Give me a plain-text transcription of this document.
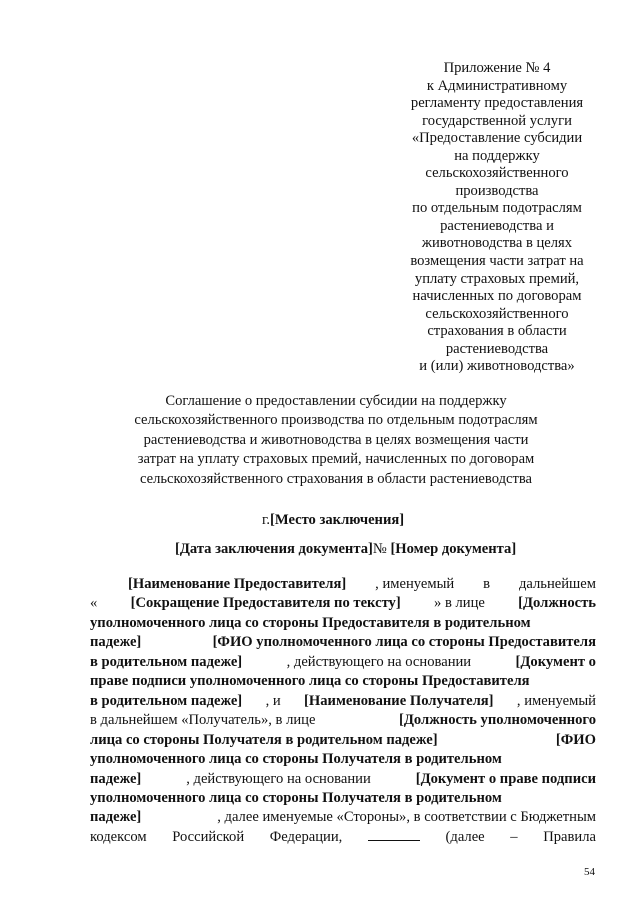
Приложение № 4
к Административному
регламенту предоставления
государственной услуги
«Предоставление субсидии
на поддержку
сельскохозяйственного
производства
по отдельным подотраслям
растениеводства и
животноводства в целях
возмещения части затрат на
уплату страховых премий,
начисленных по договорам
сельскохозяйственного
страхования в области
растениеводства
и (или) животноводства»
Соглашение о предоставлении субсидии на поддержку
сельскохозяйственного производства по отдельным подотраслям
растениеводства и животноводства в целях возмещения части
затрат на уплату страховых премий, начисленных по договорам
сельскохозяйственного страхования в области растениеводства
г.[Место заключения]
[Дата заключения документа]№ [Номер документа]
[Наименование Предоставителя] , именуемый в дальнейшем
« [Сокращение Предоставителя по тексту] » в лице [Должность
уполномоченного лица со стороны Предоставителя в родительном
падеже]	[ФИО уполномоченного лица со стороны Предоставителя
в родительном падеже]	, действующего на основании	[Документ о
праве подписи уполномоченного лица со стороны Предоставителя
в родительном падеже] , и [Наименование Получателя] , именуемый
в дальнейшем «Получатель», в лице	[Должность уполномоченного
лица со стороны Получателя в родительном падеже]	[ФИО
уполномоченного лица со стороны Получателя в родительном
падеже]	, действующего на основании	[Документ о праве подписи
уполномоченного лица со стороны Получателя в родительном
падеже]	, далее именуемые «Стороны», в соответствии с Бюджетным
кодексом Российской Федерации,	(далее – Правила
54
